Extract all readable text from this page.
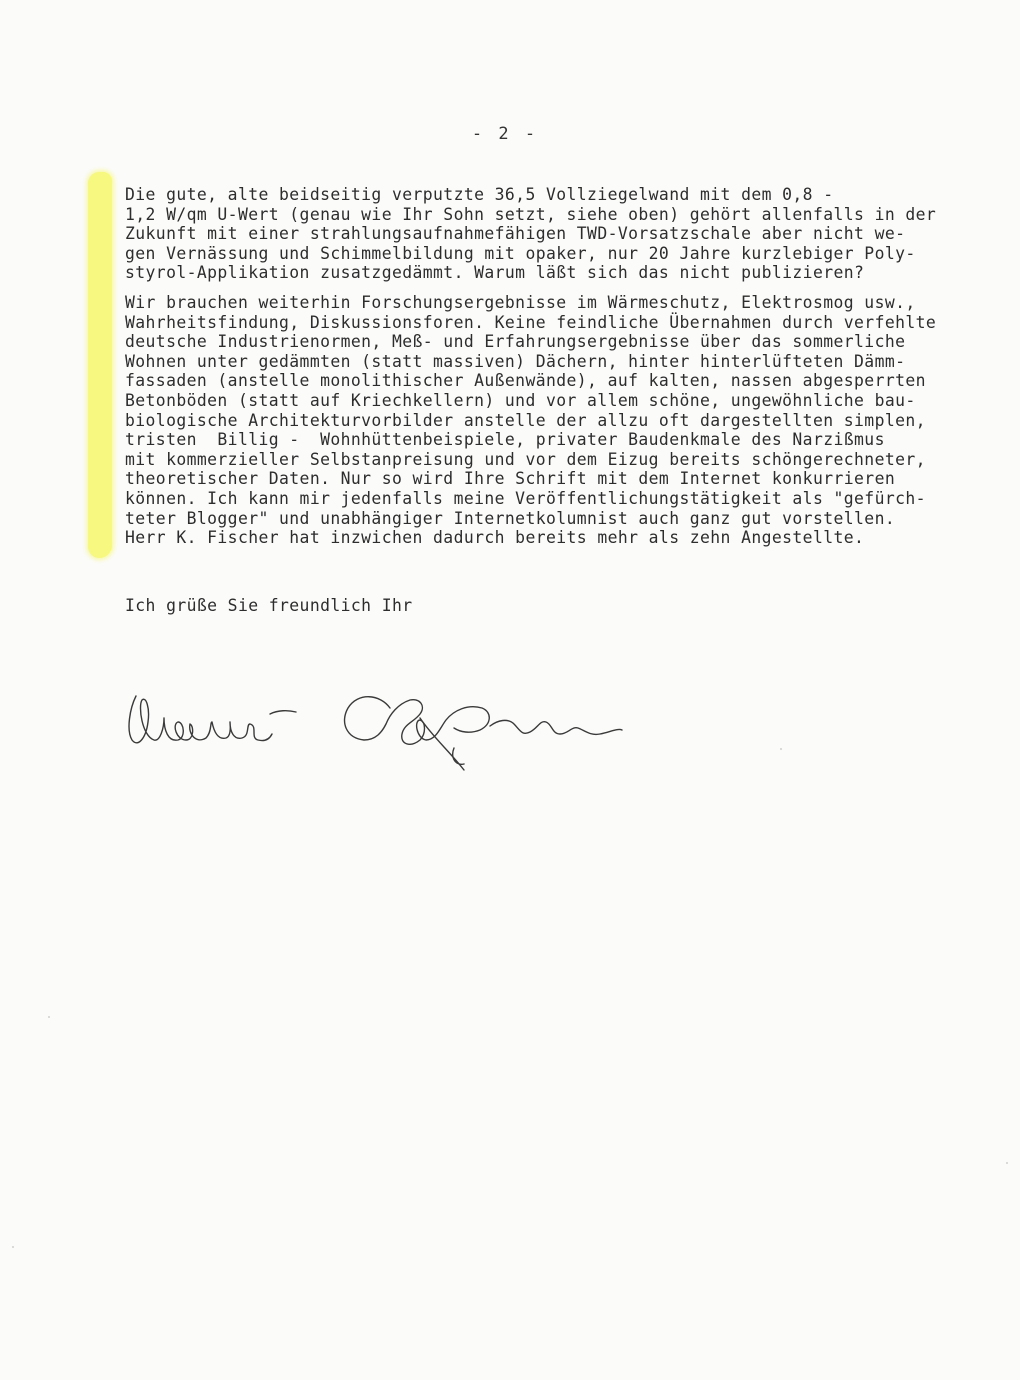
- 2 -
Die gute, alte beidseitig verputzte 36,5 Vollziegelwand mit dem 0,8 -
1,2 W/qm U-Wert (genau wie Ihr Sohn setzt, siehe oben) gehört allenfalls in der
Zukunft mit einer strahlungsaufnahmefähigen TWD-Vorsatzschale aber nicht we-
gen Vernässung und Schimmelbildung mit opaker, nur 20 Jahre kurzlebiger Poly-
styrol-Applikation zusatzgedämmt. Warum läßt sich das nicht publizieren?
Wir brauchen weiterhin Forschungsergebnisse im Wärmeschutz, Elektrosmog usw.,
Wahrheitsfindung, Diskussionsforen. Keine feindliche Übernahmen durch verfehlte
deutsche Industrienormen, Meß- und Erfahrungsergebnisse über das sommerliche
Wohnen unter gedämmten (statt massiven) Dächern, hinter hinterlüfteten Dämm-
fassaden (anstelle monolithischer Außenwände), auf kalten, nassen abgesperrten
Betonböden (statt auf Kriechkellern) und vor allem schöne, ungewöhnliche bau-
biologische Architekturvorbilder anstelle der allzu oft dargestellten simplen,
tristen  Billig -  Wohnhüttenbeispiele, privater Baudenkmale des Narzißmus
mit kommerzieller Selbstanpreisung und vor dem Eizug bereits schöngerechneter,
theoretischer Daten. Nur so wird Ihre Schrift mit dem Internet konkurrieren
können. Ich kann mir jedenfalls meine Veröffentlichungstätigkeit als "gefürch-
teter Blogger" und unabhängiger Internetkolumnist auch ganz gut vorstellen.
Herr K. Fischer hat inzwichen dadurch bereits mehr als zehn Angestellte.
Ich grüße Sie freundlich Ihr
